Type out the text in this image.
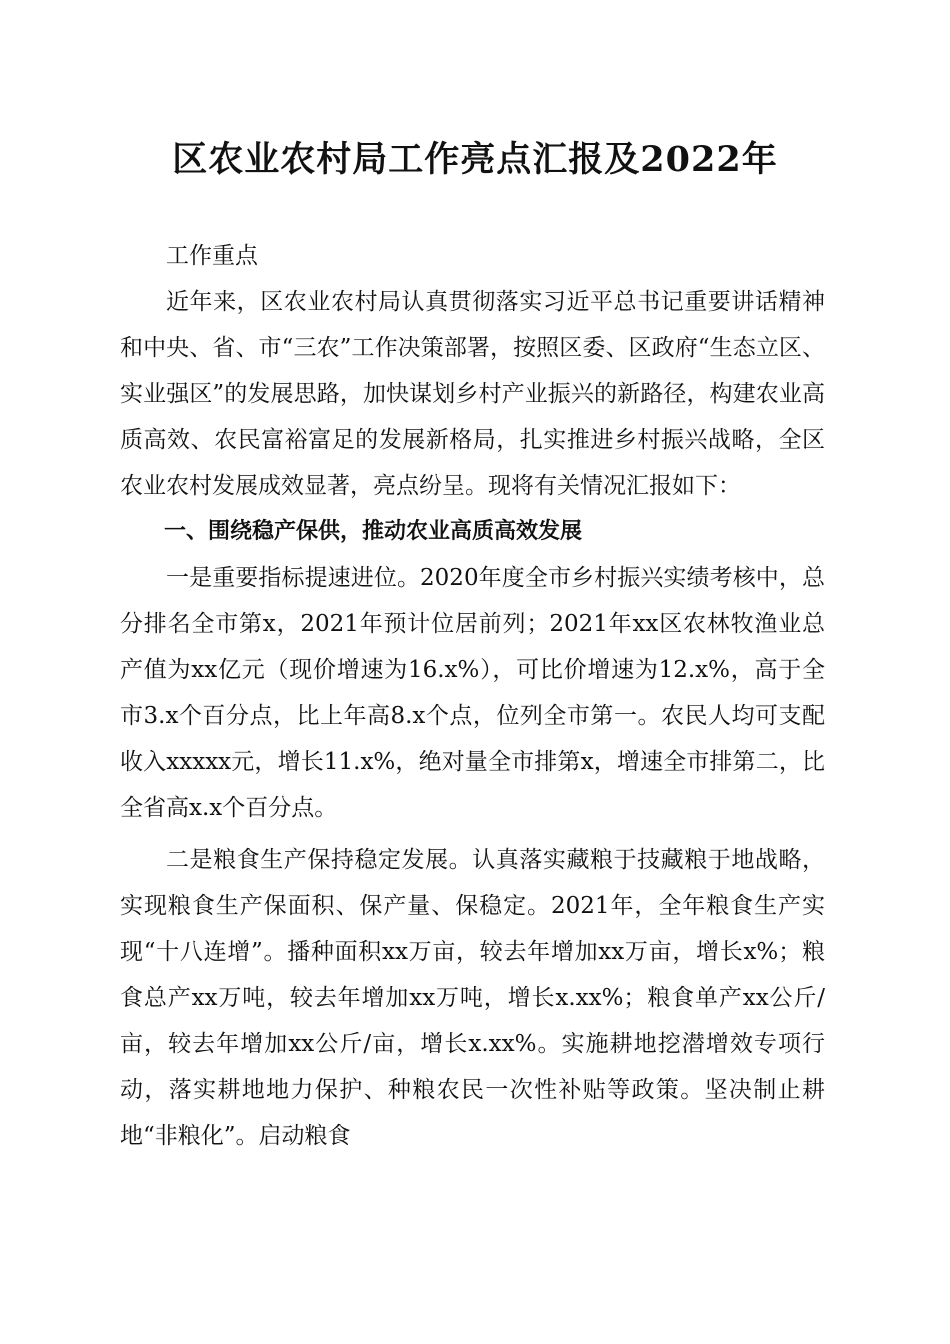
区农业农村局工作亮点汇报及2022年

工作重点

近年来，区农业农村局认真贯彻落实习近平总书记重要讲话精神和中央、省、市“三农”工作决策部署，按照区委、区政府“生态立区、实业强区”的发展思路，加快谋划乡村产业振兴的新路径，构建农业高质高效、农民富裕富足的发展新格局，扎实推进乡村振兴战略，全区农业农村发展成效显著，亮点纷呈。现将有关情况汇报如下：

一、围绕稳产保供，推动农业高质高效发展

一是重要指标提速进位。2020年度全市乡村振兴实绩考核中，总分排名全市第x，2021年预计位居前列；2021年xx区农林牧渔业总产值为xx亿元（现价增速为16.x%），可比价增速为12.x%，高于全市3.x个百分点，比上年高8.x个点，位列全市第一。农民人均可支配收入xxxxx元，增长11.x%，绝对量全市排第x，增速全市排第二，比全省高x.x个百分点。

二是粮食生产保持稳定发展。认真落实藏粮于技藏粮于地战略，实现粮食生产保面积、保产量、保稳定。2021年，全年粮食生产实现“十八连增”。播种面积xx万亩，较去年增加xx万亩，增长x%；粮食总产xx万吨，较去年增加xx万吨，增长x.xx%；粮食单产xx公斤/亩，较去年增加xx公斤/亩，增长x.xx%。实施耕地挖潜增效专项行动，落实耕地地力保护、种粮农民一次性补贴等政策。坚决制止耕地“非粮化”。启动粮食
